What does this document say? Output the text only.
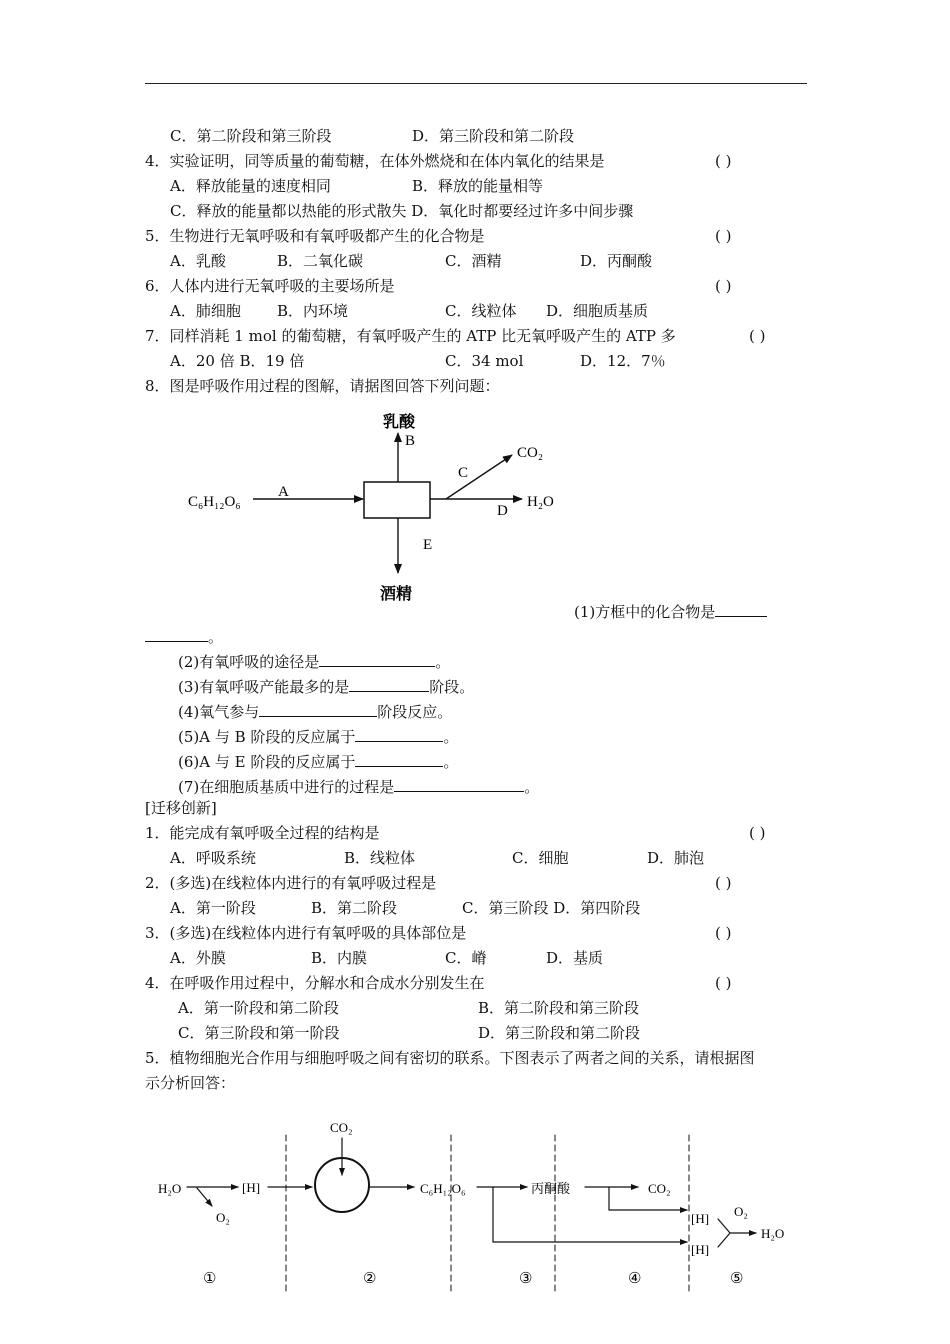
C．第二阶段和第三阶段	D．第三阶段和第二阶段
4．实验证明，同等质量的葡萄糖，在体外燃烧和在体内氧化的结果是	( )
A．释放能量的速度相同	B．释放的能量相等
C．释放的能量都以热能的形式散失 D．氧化时都要经过许多中间步骤
5．生物进行无氧呼吸和有氧呼吸都产生的化合物是	( )
A．乳酸	B．二氧化碳	C．酒精	D．丙酮酸
6．人体内进行无氧呼吸的主要场所是	( )
A．肺细胞 B．内环境	C．线粒体 D．细胞质基质
7．同样消耗 1 mol 的葡萄糖，有氧呼吸产生的 ATP 比无氧呼吸产生的 ATP 多	( )
A．20 倍 B．19 倍	C．34 mol	D．12．7％
8．图是呼吸作用过程的图解，请据图回答下列问题：
1．能完成有氧呼吸全过程的结构是	( )
A．呼吸系统	B．线粒体	C．细胞	D．肺泡
2．(多选)在线粒体内进行的有氧呼吸过程是	( )
A．第一阶段	B．第二阶段	C．第三阶段 D．第四阶段
3．(多选)在线粒体内进行有氧呼吸的具体部位是	( )
A．外膜	B．内膜	C．嵴	D．基质
4．在呼吸作用过程中，分解水和合成水分别发生在	( )
A．第一阶段和第二阶段	B．第二阶段和第三阶段
C．第三阶段和第一阶段	D．第三阶段和第二阶段
5．植物细胞光合作用与细胞呼吸之间有密切的联系。下图表示了两者之间的关系，请根据图
示分析回答：
[迁移创新]
(1)方框中的化合物是
。
(2)有氧呼吸的途径是	。
(3)有氧呼吸产能最多的是	阶段。
(4)氧气参与	阶段反应。
(5)A 与 B 阶段的反应属于	。
(6)A 与 E 阶段的反应属于	。
(7)在细胞质基质中进行的过程是	。
乳酸
B
C₆H₁₂O₆
A
C
CO₂
D
H₂O
E
酒精
H₂O
O₂
[H]
CO₂
C₆H₁₂O₆	丙酮酸	CO₂
[H]
[H]
O₂
H₂O
①	②	③	④	⑤
